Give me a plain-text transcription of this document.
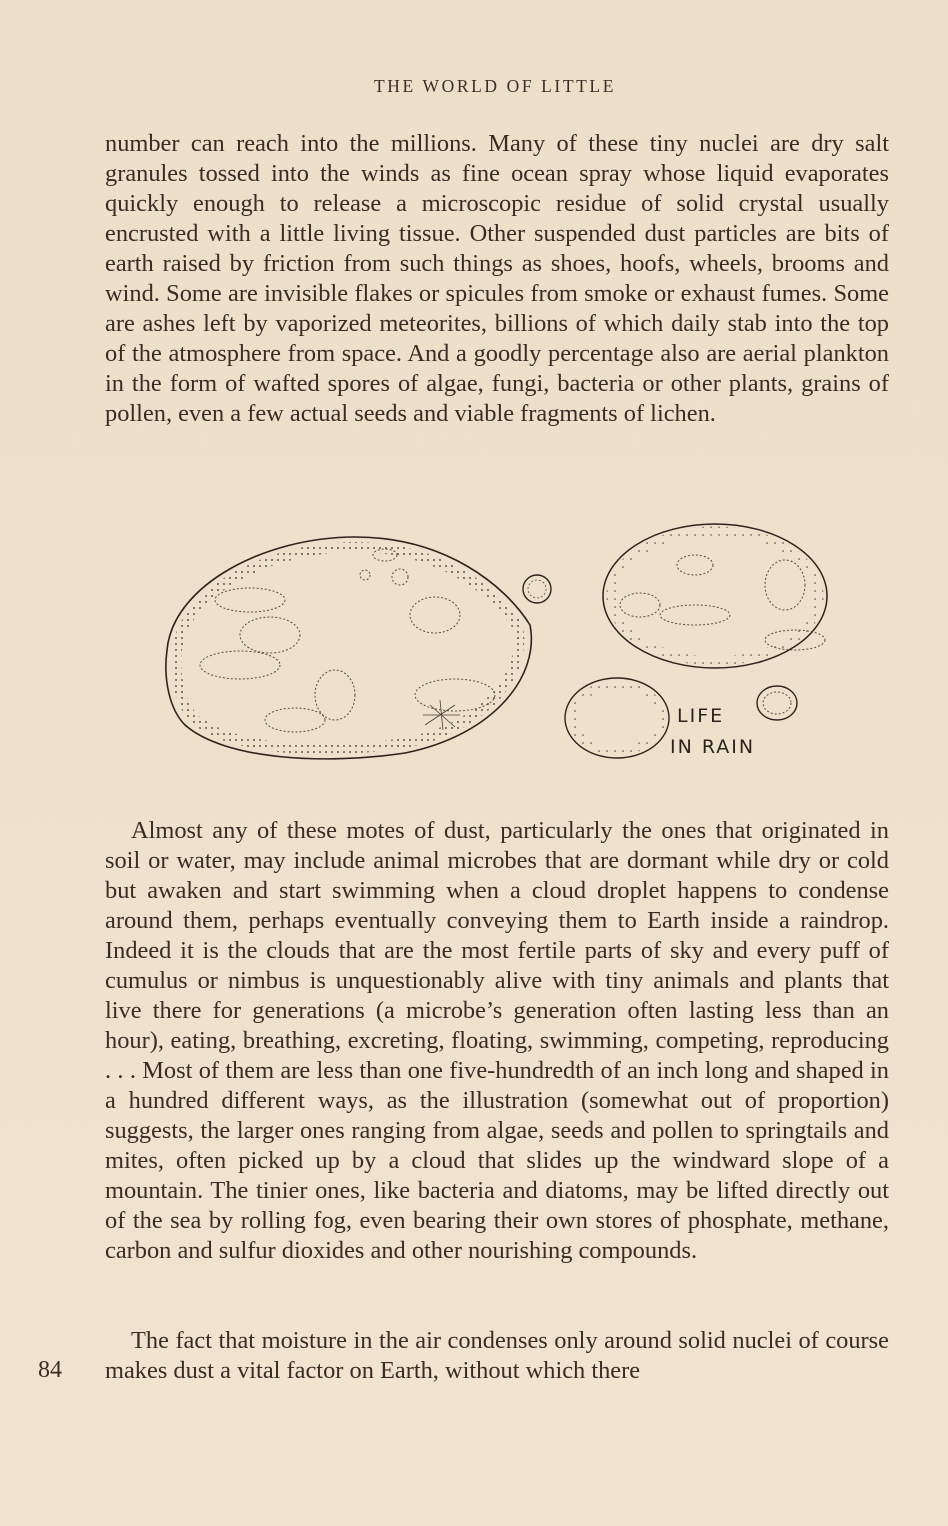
THE WORLD OF LITTLE

number can reach into the millions. Many of these tiny nuclei are dry salt granules tossed into the winds as fine ocean spray whose liquid evaporates quickly enough to release a microscopic residue of solid crystal usually encrusted with a little living tissue. Other suspended dust particles are bits of earth raised by friction from such things as shoes, hoofs, wheels, brooms and wind. Some are invisible flakes or spicules from smoke or exhaust fumes. Some are ashes left by vaporized meteorites, billions of which daily stab into the top of the atmosphere from space. And a goodly percentage also are aerial plankton in the form of wafted spores of algae, fungi, bacteria or other plants, grains of pollen, even a few actual seeds and viable fragments of lichen.

LIFE
IN RAIN

Almost any of these motes of dust, particularly the ones that originated in soil or water, may include animal microbes that are dormant while dry or cold but awaken and start swimming when a cloud droplet happens to condense around them, perhaps eventually conveying them to Earth inside a raindrop. Indeed it is the clouds that are the most fertile parts of sky and every puff of cumulus or nimbus is unquestionably alive with tiny animals and plants that live there for generations (a microbe’s generation often lasting less than an hour), eating, breathing, excreting, floating, swimming, competing, reproducing . . . Most of them are less than one five-hundredth of an inch long and shaped in a hundred different ways, as the illustration (somewhat out of proportion) suggests, the larger ones ranging from algae, seeds and pollen to springtails and mites, often picked up by a cloud that slides up the windward slope of a mountain. The tinier ones, like bacteria and diatoms, may be lifted directly out of the sea by rolling fog, even bearing their own stores of phosphate, methane, carbon and sulfur dioxides and other nourishing compounds.

The fact that moisture in the air condenses only around solid nuclei of course makes dust a vital factor on Earth, without which there

84
